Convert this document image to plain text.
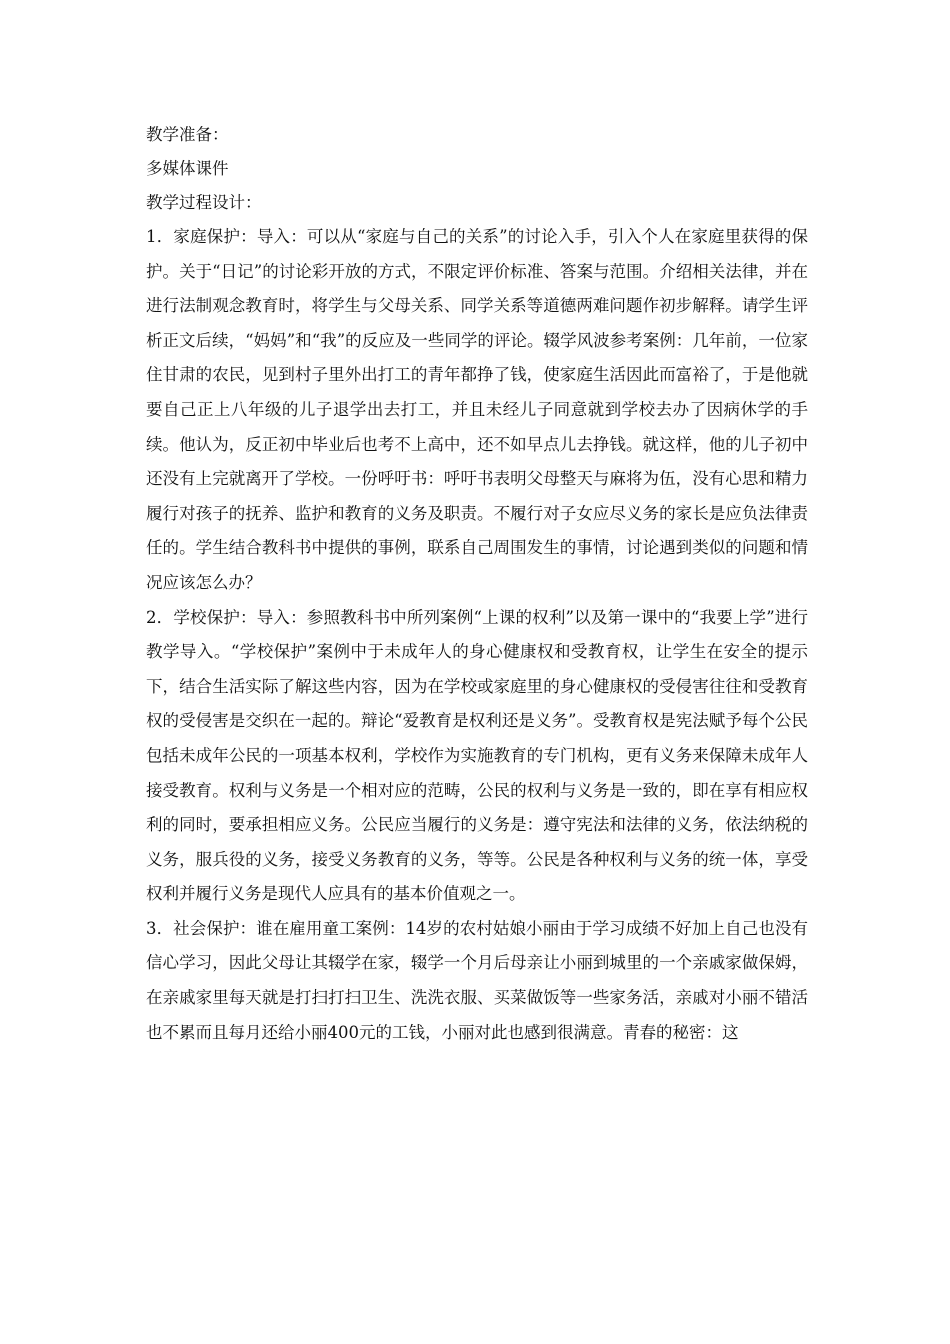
教学准备：
多媒体课件
教学过程设计：

1．家庭保护：导入：可以从“家庭与自己的关系”的讨论入手，引入个人在家庭里获得的保护。关于“日记”的讨论彩开放的方式，不限定评价标准、答案与范围。介绍相关法律，并在进行法制观念教育时，将学生与父母关系、同学关系等道德两难问题作初步解释。请学生评析正文后续，“妈妈”和“我”的反应及一些同学的评论。辍学风波参考案例：几年前，一位家住甘肃的农民，见到村子里外出打工的青年都挣了钱，使家庭生活因此而富裕了，于是他就要自己正上八年级的儿子退学出去打工，并且未经儿子同意就到学校去办了因病休学的手续。他认为，反正初中毕业后也考不上高中，还不如早点儿去挣钱。就这样，他的儿子初中还没有上完就离开了学校。一份呼吁书：呼吁书表明父母整天与麻将为伍，没有心思和精力履行对孩子的抚养、监护和教育的义务及职责。不履行对子女应尽义务的家长是应负法律责任的。学生结合教科书中提供的事例，联系自己周围发生的事情，讨论遇到类似的问题和情况应该怎么办？

2．学校保护：导入：参照教科书中所列案例“上课的权利”以及第一课中的“我要上学”进行教学导入。“学校保护”案例中于未成年人的身心健康权和受教育权，让学生在安全的提示下，结合生活实际了解这些内容，因为在学校或家庭里的身心健康权的受侵害往往和受教育权的受侵害是交织在一起的。辩论“爱教育是权利还是义务”。受教育权是宪法赋予每个公民包括未成年公民的一项基本权利，学校作为实施教育的专门机构，更有义务来保障未成年人接受教育。权利与义务是一个相对应的范畴，公民的权利与义务是一致的，即在享有相应权利的同时，要承担相应义务。公民应当履行的义务是：遵守宪法和法律的义务，依法纳税的义务，服兵役的义务，接受义务教育的义务，等等。公民是各种权利与义务的统一体，享受权利并履行义务是现代人应具有的基本价值观之一。

3．社会保护：谁在雇用童工案例：14岁的农村姑娘小丽由于学习成绩不好加上自己也没有信心学习，因此父母让其辍学在家，辍学一个月后母亲让小丽到城里的一个亲戚家做保姆，在亲戚家里每天就是打扫打扫卫生、洗洗衣服、买菜做饭等一些家务活，亲戚对小丽不错活也不累而且每月还给小丽400元的工钱，小丽对此也感到很满意。青春的秘密：这
